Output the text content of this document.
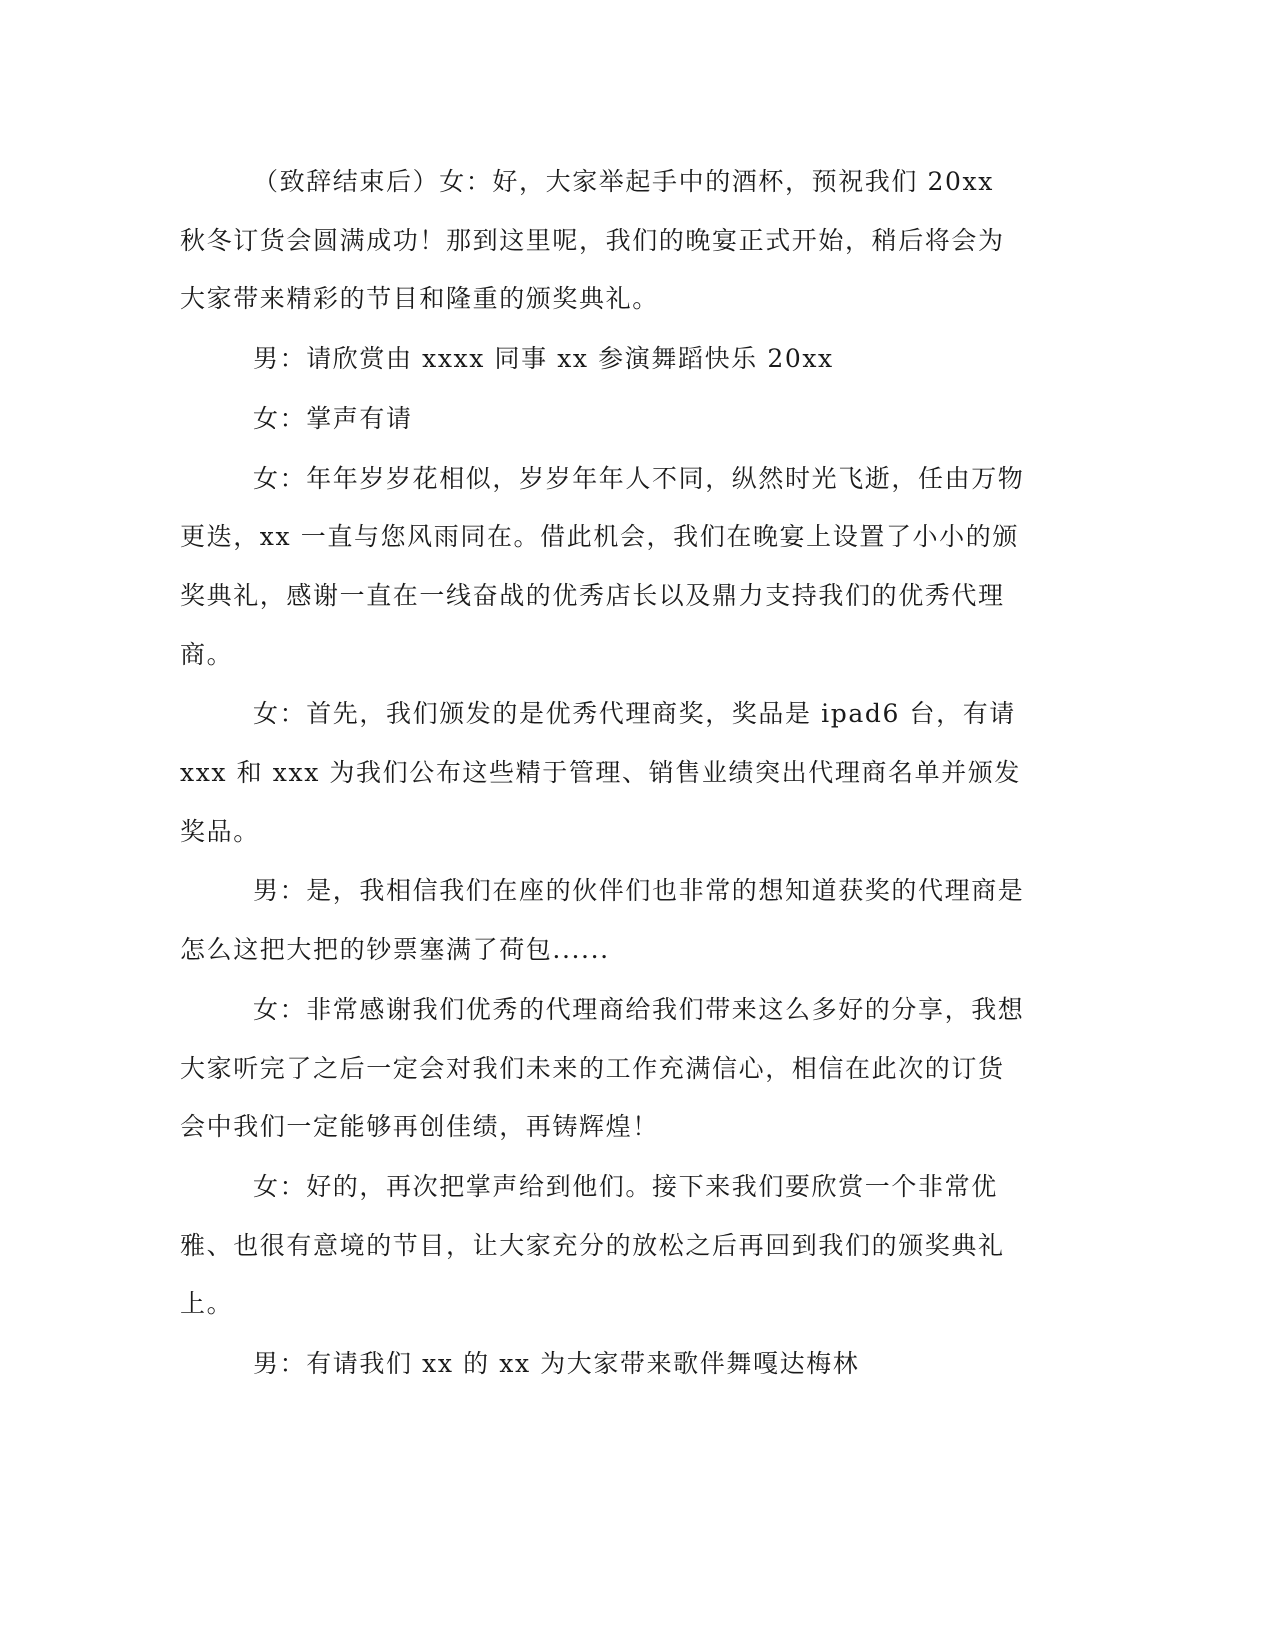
（致辞结束后）女：好，大家举起手中的酒杯，预祝我们 20xx 秋冬订货会圆满成功！那到这里呢，我们的晚宴正式开始，稍后将会为大家带来精彩的节目和隆重的颁奖典礼。

男：请欣赏由 xxxx 同事 xx 参演舞蹈快乐 20xx

女：掌声有请

女：年年岁岁花相似，岁岁年年人不同，纵然时光飞逝，任由万物更迭，xx 一直与您风雨同在。借此机会，我们在晚宴上设置了小小的颁奖典礼，感谢一直在一线奋战的优秀店长以及鼎力支持我们的优秀代理商。

女：首先，我们颁发的是优秀代理商奖，奖品是 ipad6 台，有请 xxx 和 xxx 为我们公布这些精于管理、销售业绩突出代理商名单并颁发奖品。

男：是，我相信我们在座的伙伴们也非常的想知道获奖的代理商是怎么这把大把的钞票塞满了荷包......

女：非常感谢我们优秀的代理商给我们带来这么多好的分享，我想大家听完了之后一定会对我们未来的工作充满信心，相信在此次的订货会中我们一定能够再创佳绩，再铸辉煌！

女：好的，再次把掌声给到他们。接下来我们要欣赏一个非常优雅、也很有意境的节目，让大家充分的放松之后再回到我们的颁奖典礼上。

男：有请我们 xx 的 xx 为大家带来歌伴舞嘎达梅林
